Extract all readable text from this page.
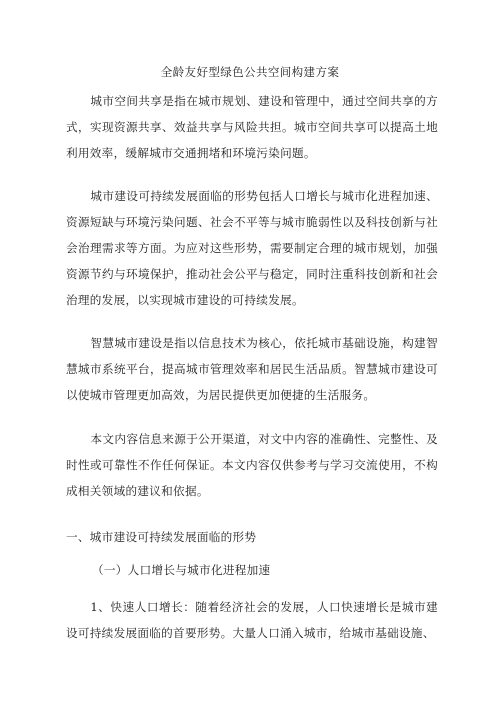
全龄友好型绿色公共空间构建方案

城市空间共享是指在城市规划、建设和管理中，通过空间共享的方式，实现资源共享、效益共享与风险共担。城市空间共享可以提高土地利用效率，缓解城市交通拥堵和环境污染问题。

城市建设可持续发展面临的形势包括人口增长与城市化进程加速、资源短缺与环境污染问题、社会不平等与城市脆弱性以及科技创新与社会治理需求等方面。为应对这些形势，需要制定合理的城市规划，加强资源节约与环境保护，推动社会公平与稳定，同时注重科技创新和社会治理的发展，以实现城市建设的可持续发展。

智慧城市建设是指以信息技术为核心，依托城市基础设施，构建智慧城市系统平台，提高城市管理效率和居民生活品质。智慧城市建设可以使城市管理更加高效，为居民提供更加便捷的生活服务。

本文内容信息来源于公开渠道，对文中内容的准确性、完整性、及时性或可靠性不作任何保证。本文内容仅供参考与学习交流使用，不构成相关领域的建议和依据。

一、城市建设可持续发展面临的形势
（一）人口增长与城市化进程加速

1、快速人口增长：随着经济社会的发展，人口快速增长是城市建设可持续发展面临的首要形势。大量人口涌入城市，给城市基础设施、
